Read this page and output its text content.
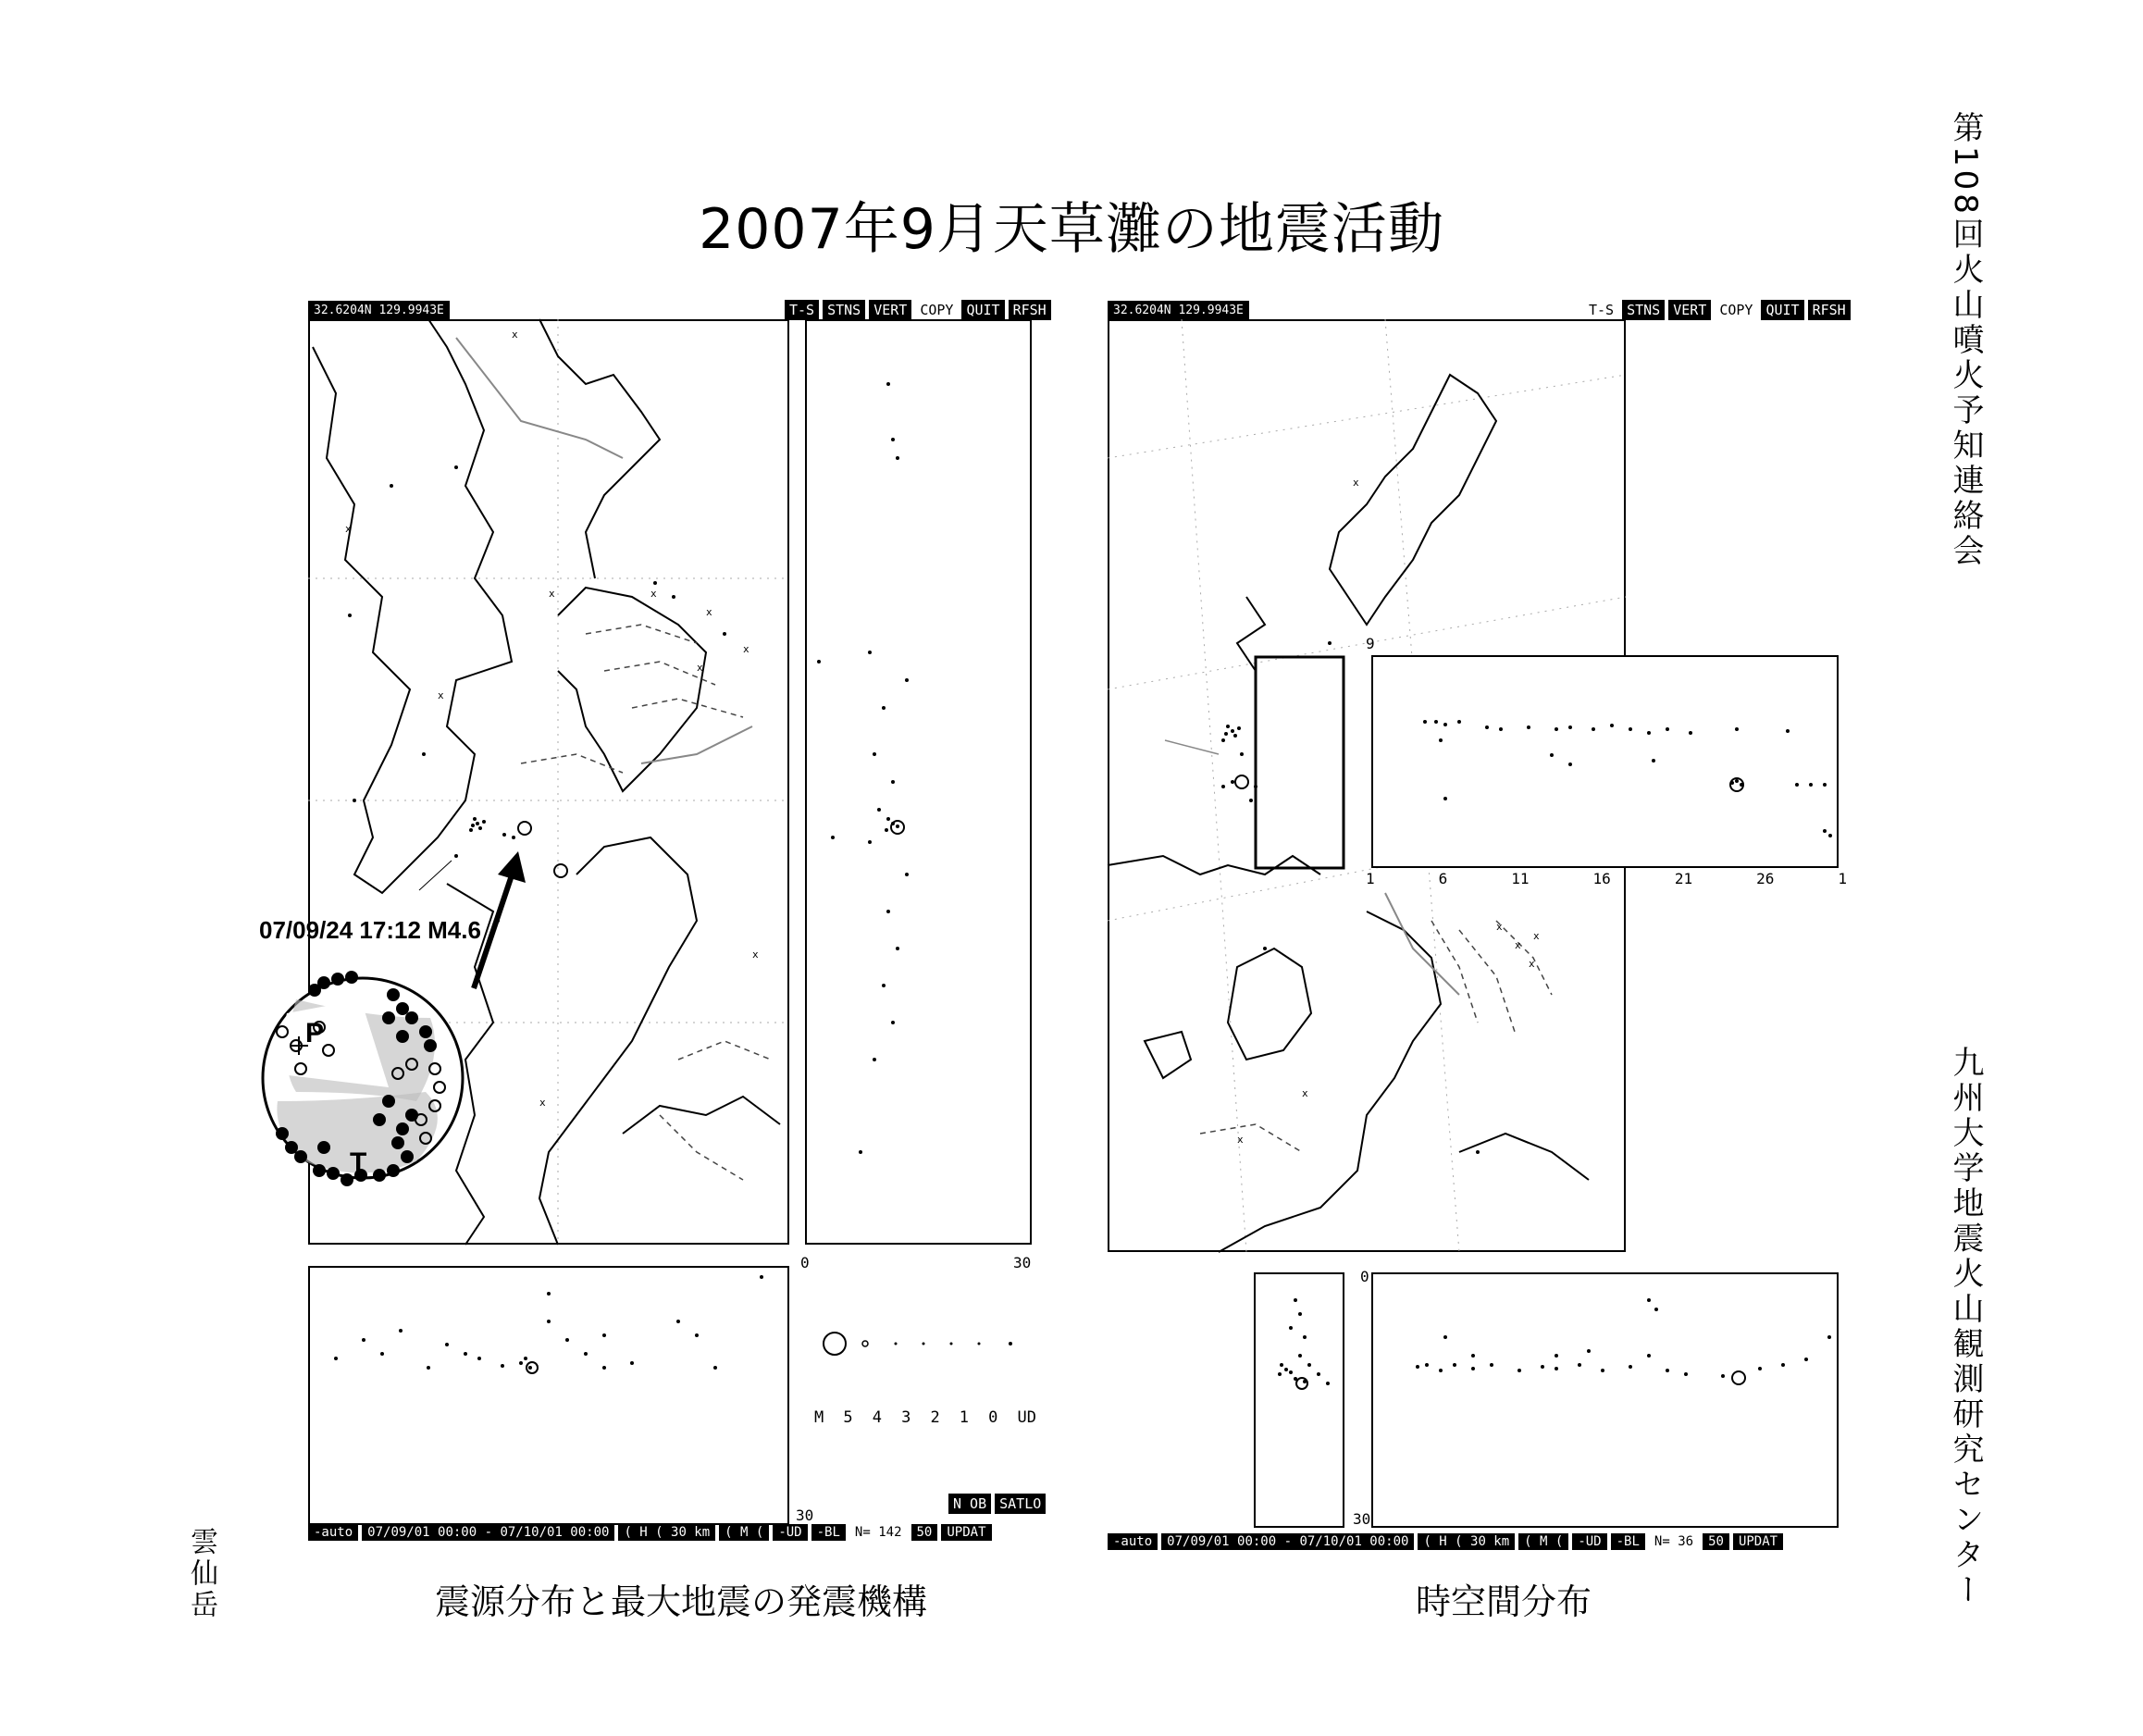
2007年9月天草灘の地震活動	第108回火山噴火予知連絡会
九州大学地震火山観測研究センター
雲仙岳
32.6204N 129.9943E	T-S STNS VERT COPY QUIT RFSH
x
x
x
x	x
x
x
x
x
x
07/09/24 17:12 M4.6
P
T
0	30
30
M 5 4 3 2 1 0 UD
N OB SATLO
-auto	07/09/01 00:00 - 07/10/01 00:00	( H ( 30 km	( M (	-UD	-BL	N= 142	50	UPDAT
震源分布と最大地震の発震機構
32.6204N 129.9943E	T-S STNS VERT COPY QUIT RFSH
x
x
x
x
x
x
x
9
1	6	11	16	21	26	1
0
30
-auto	07/09/01 00:00 - 07/10/01 00:00	( H ( 30 km	( M (	-UD	-BL	N= 36	50	UPDAT
時空間分布
